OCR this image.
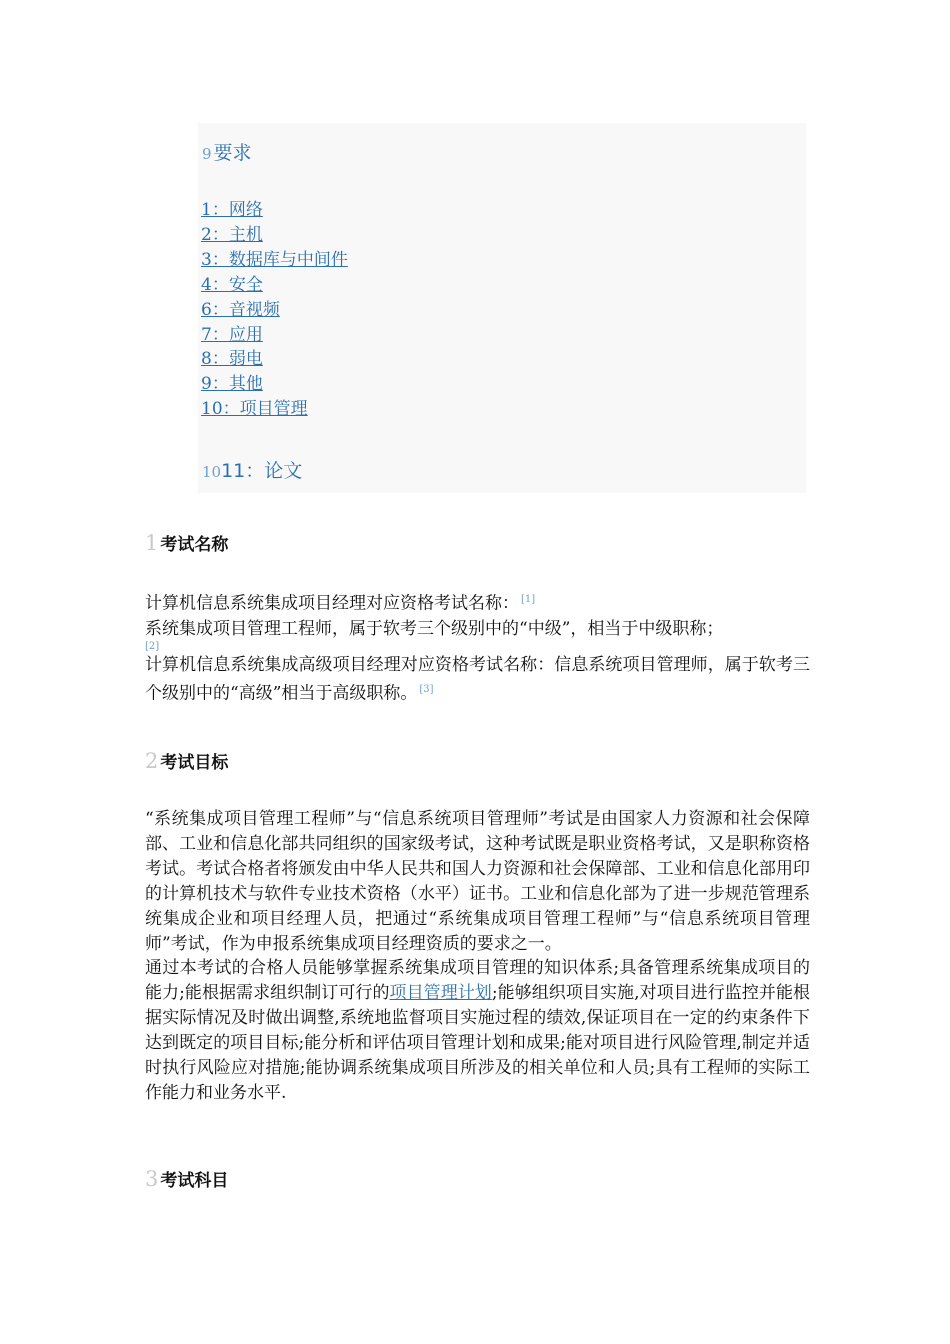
9 要求
1：网络
2：主机
3：数据库与中间件
4：安全
6：音视频
7：应用
8：弱电
9：其他
10：项目管理
1011：论文
1 考试名称

计算机信息系统集成项目经理对应资格考试名称： [1]

系统集成项目管理工程师，属于软考三个级别中的“中级”，相当于中级职称；

[2]

计算机信息系统集成高级项目经理对应资格考试名称：信息系统项目管理师，属于软考三个级别中的“高级”相当于高级职称。 [3]

2 考试目标

“系统集成项目管理工程师”与“信息系统项目管理师”考试是由国家人力资源和社会保障部、工业和信息化部共同组织的国家级考试，这种考试既是职业资格考试，又是职称资格考试。考试合格者将颁发由中华人民共和国人力资源和社会保障部、工业和信息化部用印的计算机技术与软件专业技术资格（水平）证书。工业和信息化部为了进一步规范管理系统集成企业和项目经理人员，把通过“系统集成项目管理工程师”与“信息系统项目管理师”考试，作为申报系统集成项目经理资质的要求之一。

通过本考试的合格人员能够掌握系统集成项目管理的知识体系;具备管理系统集成项目的能力;能根据需求组织制订可行的项目管理计划;能够组织项目实施,对项目进行监控并能根据实际情况及时做出调整,系统地监督项目实施过程的绩效,保证项目在一定的约束条件下达到既定的项目目标;能分析和评估项目管理计划和成果;能对项目进行风险管理,制定并适时执行风险应对措施;能协调系统集成项目所涉及的相关单位和人员;具有工程师的实际工作能力和业务水平.

3 考试科目
